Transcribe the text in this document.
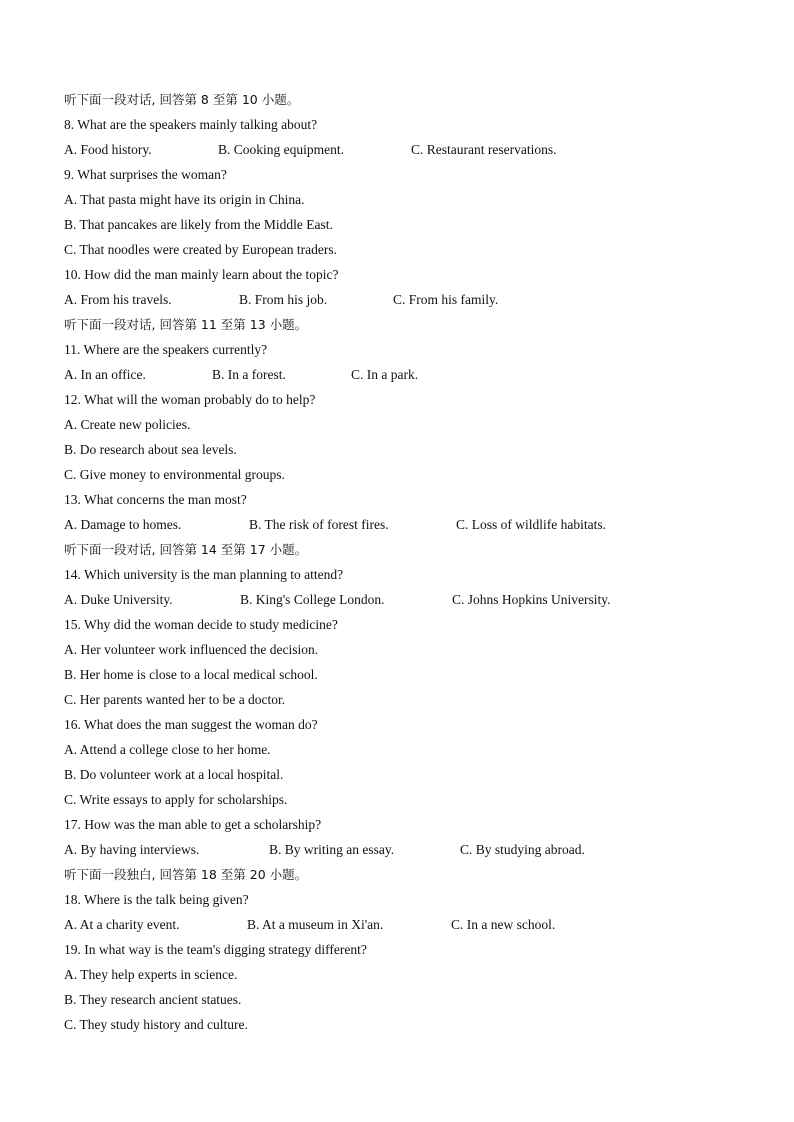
听下面一段对话, 回答第 8 至第 10 小题。
8. What are the speakers mainly talking about?
A. Food history.	B. Cooking equipment.	C. Restaurant reservations.
9. What surprises the woman?
A. That pasta might have its origin in China.
B. That pancakes are likely from the Middle East.
C. That noodles were created by European traders.
10. How did the man mainly learn about the topic?
A. From his travels.	B. From his job.	C. From his family.
听下面一段对话, 回答第 11 至第 13 小题。
11. Where are the speakers currently?
A. In an office.	B. In a forest.	C. In a park.
12. What will the woman probably do to help?
A. Create new policies.
B. Do research about sea levels.
C. Give money to environmental groups.
13. What concerns the man most?
A. Damage to homes.	B. The risk of forest fires.	C. Loss of wildlife habitats.
听下面一段对话, 回答第 14 至第 17 小题。
14. Which university is the man planning to attend?
A. Duke University.	B. King's College London.	C. Johns Hopkins University.
15. Why did the woman decide to study medicine?
A. Her volunteer work influenced the decision.
B. Her home is close to a local medical school.
C. Her parents wanted her to be a doctor.
16. What does the man suggest the woman do?
A. Attend a college close to her home.
B. Do volunteer work at a local hospital.
C. Write essays to apply for scholarships.
17. How was the man able to get a scholarship?
A. By having interviews.	B. By writing an essay.	C. By studying abroad.
听下面一段独白, 回答第 18 至第 20 小题。
18. Where is the talk being given?
A. At a charity event.	B. At a museum in Xi'an.	C. In a new school.
19. In what way is the team's digging strategy different?
A. They help experts in science.
B. They research ancient statues.
C. They study history and culture.
